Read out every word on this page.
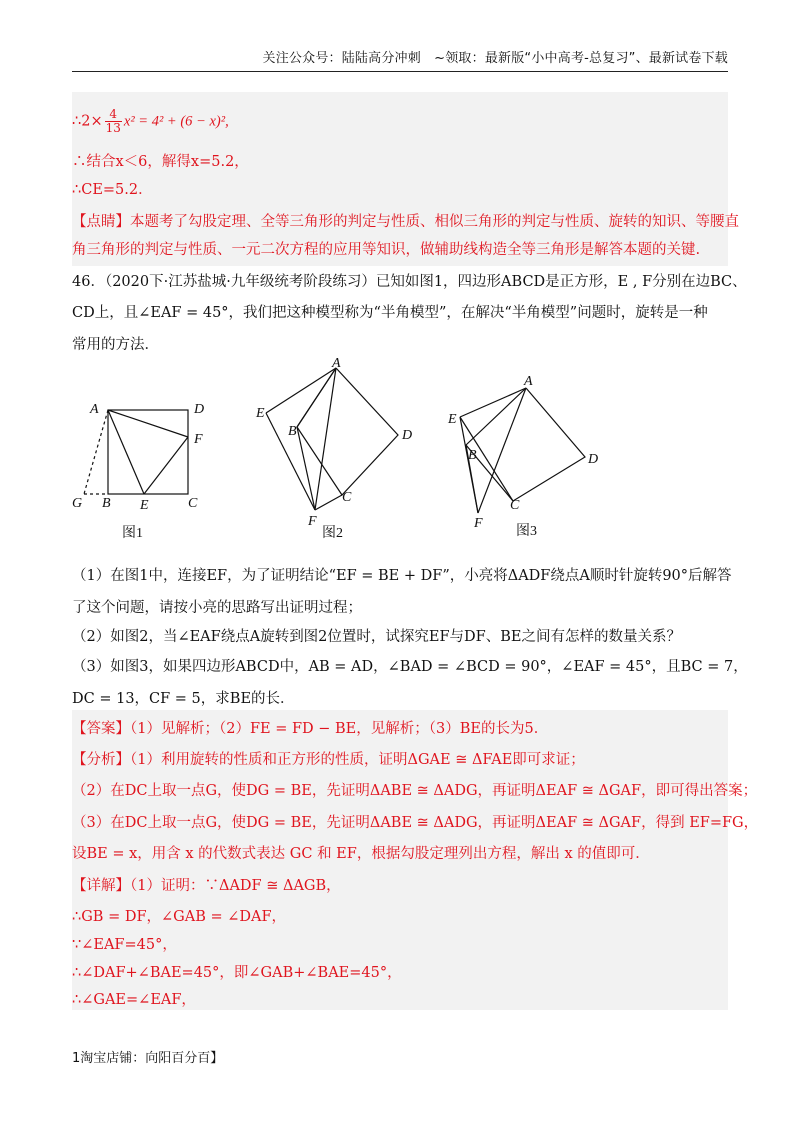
关注公众号：陆陆高分冲刺　~领取：最新版“小中高考-总复习”、最新试卷下载
∴2× $\frac{4}{13} x^2 = 4^2 + (6 - x)^2$,
∴结合x＜6，解得x=5.2，
∴CE=5.2．
【点睛】本题考了勾股定理、全等三角形的判定与性质、相似三角形的判定与性质、旋转的知识、等腰直
角三角形的判定与性质、一元二次方程的应用等知识，做辅助线构造全等三角形是解答本题的关键.
46．（2020下·江苏盐城·九年级统考阶段练习）已知如图1，四边形ABCD是正方形，E , F分别在边BC、
CD上，且∠EAF = 45°，我们把这种模型称为“半角模型”，在解决“半角模型”问题时，旋转是一种
常用的方法．
A	D
F
G B E	C
图1
A
E
B	D
C
F
图2
A
E
B	D
C
F
图3
（1）在图1中，连接EF，为了证明结论“EF = BE + DF”，小亮将ΔADF绕点A顺时针旋转90°后解答
了这个问题，请按小亮的思路写出证明过程；
（2）如图2，当∠EAF绕点A旋转到图2位置时，试探究EF与DF、BE之间有怎样的数量关系？
（3）如图3，如果四边形ABCD中，AB = AD，∠BAD = ∠BCD = 90°，∠EAF = 45°，且BC = 7，
DC = 13，CF = 5，求BE的长．
【答案】（1）见解析；（2）FE = FD − BE，见解析；（3）BE的长为5．
【分析】（1）利用旋转的性质和正方形的性质，证明ΔGAE ≅ ΔFAE即可求证；
（2）在DC上取一点G，使DG = BE，先证明ΔABE ≅ ΔADG，再证明ΔEAF ≅ ΔGAF，即可得出答案；
（3）在DC上取一点G，使DG = BE，先证明ΔABE ≅ ΔADG，再证明ΔEAF ≅ ΔGAF，得到 EF=FG，
设BE = x，用含 x 的代数式表达 GC 和 EF，根据勾股定理列出方程，解出 x 的值即可．
【详解】（1）证明：∵ΔADF ≅ ΔAGB，
∴GB = DF，∠GAB = ∠DAF，
∵∠EAF=45°，
∴∠DAF+∠BAE=45°，即∠GAB+∠BAE=45°，
∴∠GAE=∠EAF，
1淘宝店铺：向阳百分百】
